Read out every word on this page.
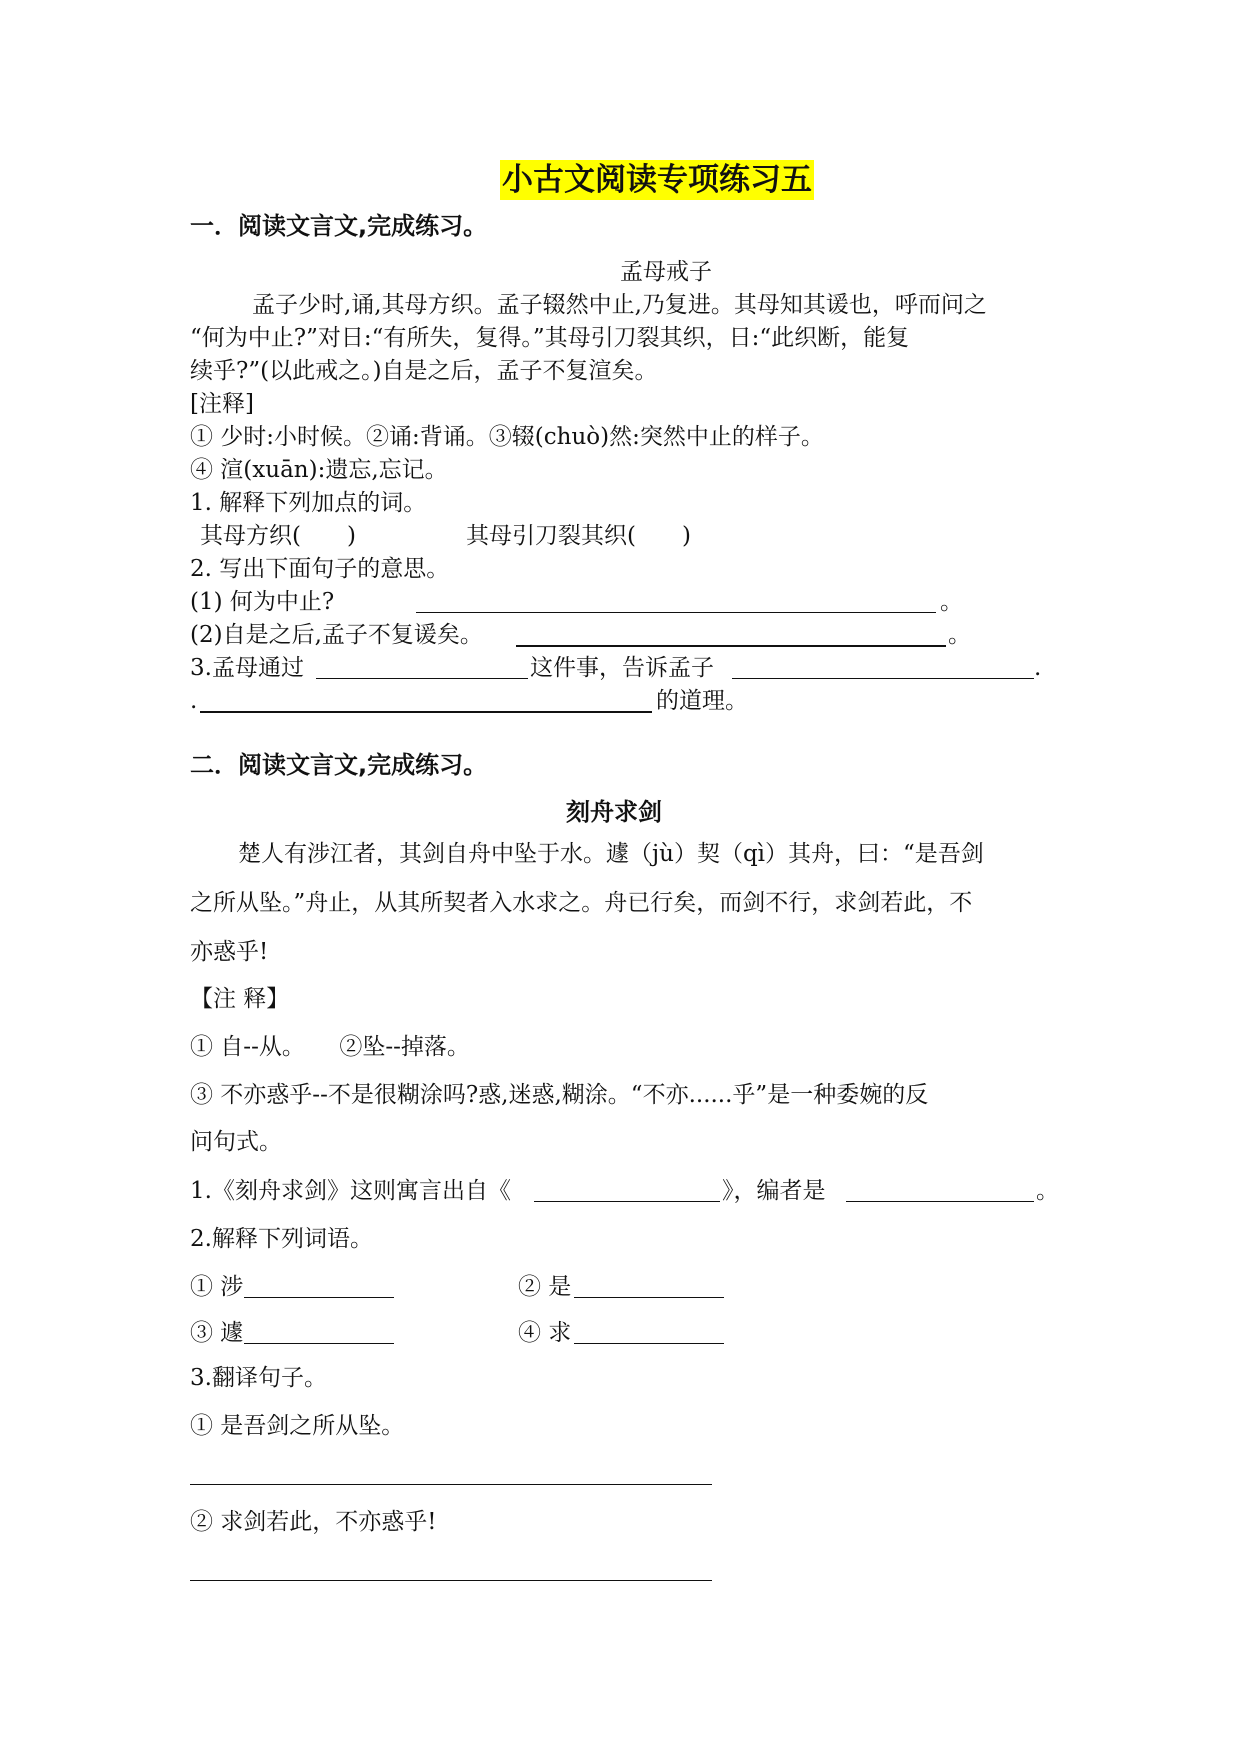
小古文阅读专项练习五
一．阅读文言文,完成练习。
孟母戒子
孟子少时,诵,其母方织。孟子辍然中止,乃复进。其母知其谖也，呼而问之
“何为中止?”对日:“有所失，复得。”其母引刀裂其织，日:“此织断，能复
续乎?”(以此戒之。)自是之后，孟子不复渲矣。
[注释]
① 少时:小时候。②诵:背诵。③辍(chuò)然:突然中止的样子。
④ 渲(xuān):遗忘,忘记。
1. 解释下列加点的词。
其母方织(　　)	其母引刀裂其织(　　)
2. 写出下面句子的意思。
(1) 何为中止?	。
(2)自是之后,孟子不复谖矣。	。
3.孟母通过	这件事，告诉孟子	.
.	的道理。
二．阅读文言文,完成练习。
刻舟求剑
楚人有涉江者，其剑自舟中坠于水。遽（jù）契（qì）其舟，曰：“是吾剑
之所从坠。”舟止，从其所契者入水求之。舟已行矣，而剑不行，求剑若此，不
亦惑乎!
【注 释】
① 自--从。　　②坠--掉落。
③ 不亦惑乎--不是很糊涂吗?惑,迷惑,糊涂。“不亦......乎”是一种委婉的反
问句式。
1.《刻舟求剑》这则寓言出自《	》，编者是	。
2.解释下列词语。
① 涉	② 是
③ 遽	④ 求
3.翻译句子。
① 是吾剑之所从坠。
② 求剑若此，不亦惑乎!
